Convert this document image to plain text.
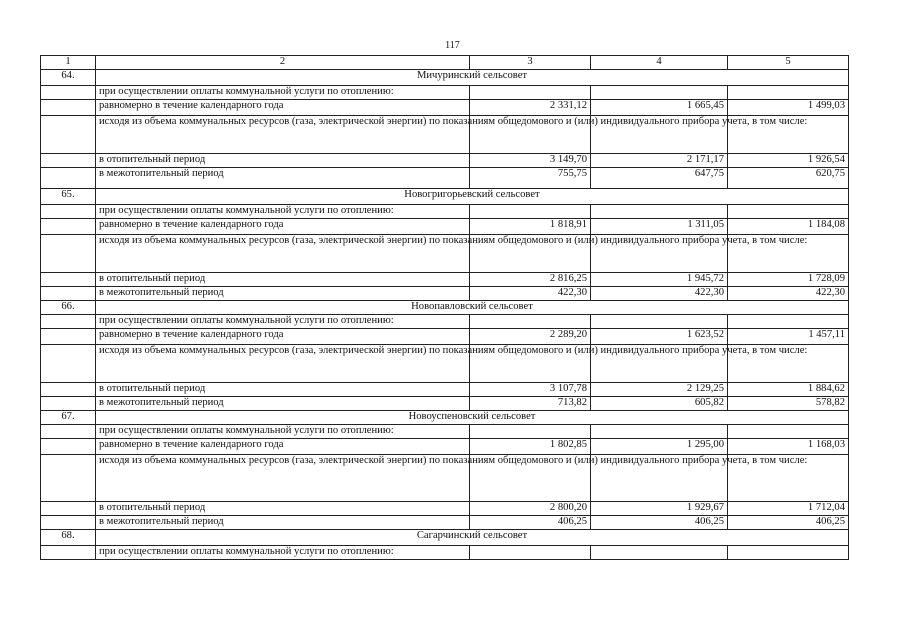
117
1	2	3	4	5
64.	Мичуринский сельсовет			
	при осуществлении оплаты коммунальной услуги по отоплению:			
	равномерно в течение календарного года	2 331,12	1 665,45	1 499,03
	исходя из объема коммунальных ресурсов (газа, электрической энергии) по показаниям общедомового и (или) индивидуального прибора учета, в том числе:			
	в отопительный период	3 149,70	2 171,17	1 926,54
	в межотопительный период	755,75	647,75	620,75
65.	Новогригорьевский сельсовет			
	при осуществлении оплаты коммунальной услуги по отоплению:			
	равномерно в течение календарного года	1 818,91	1 311,05	1 184,08
	исходя из объема коммунальных ресурсов (газа, электрической энергии) по показаниям общедомового и (или) индивидуального прибора учета, в том числе:			
	в отопительный период	2 816,25	1 945,72	1 728,09
	в межотопительный период	422,30	422,30	422,30
66.	Новопавловский сельсовет			
	при осуществлении оплаты коммунальной услуги по отоплению:			
	равномерно в течение календарного года	2 289,20	1 623,52	1 457,11
	исходя из объема коммунальных ресурсов (газа, электрической энергии) по показаниям общедомового и (или) индивидуального прибора учета, в том числе:			
	в отопительный период	3 107,78	2 129,25	1 884,62
	в межотопительный период	713,82	605,82	578,82
67.	Новоуспеновский сельсовет			
	при осуществлении оплаты коммунальной услуги по отоплению:			
	равномерно в течение календарного года	1 802,85	1 295,00	1 168,03
	исходя из объема коммунальных ресурсов (газа, электрической энергии) по показаниям общедомового и (или) индивидуального прибора учета, в том числе:			
	в отопительный период	2 800,20	1 929,67	1 712,04
	в межотопительный период	406,25	406,25	406,25
68.	Сагарчинский сельсовет			
	при осуществлении оплаты коммунальной услуги по отоплению:			
